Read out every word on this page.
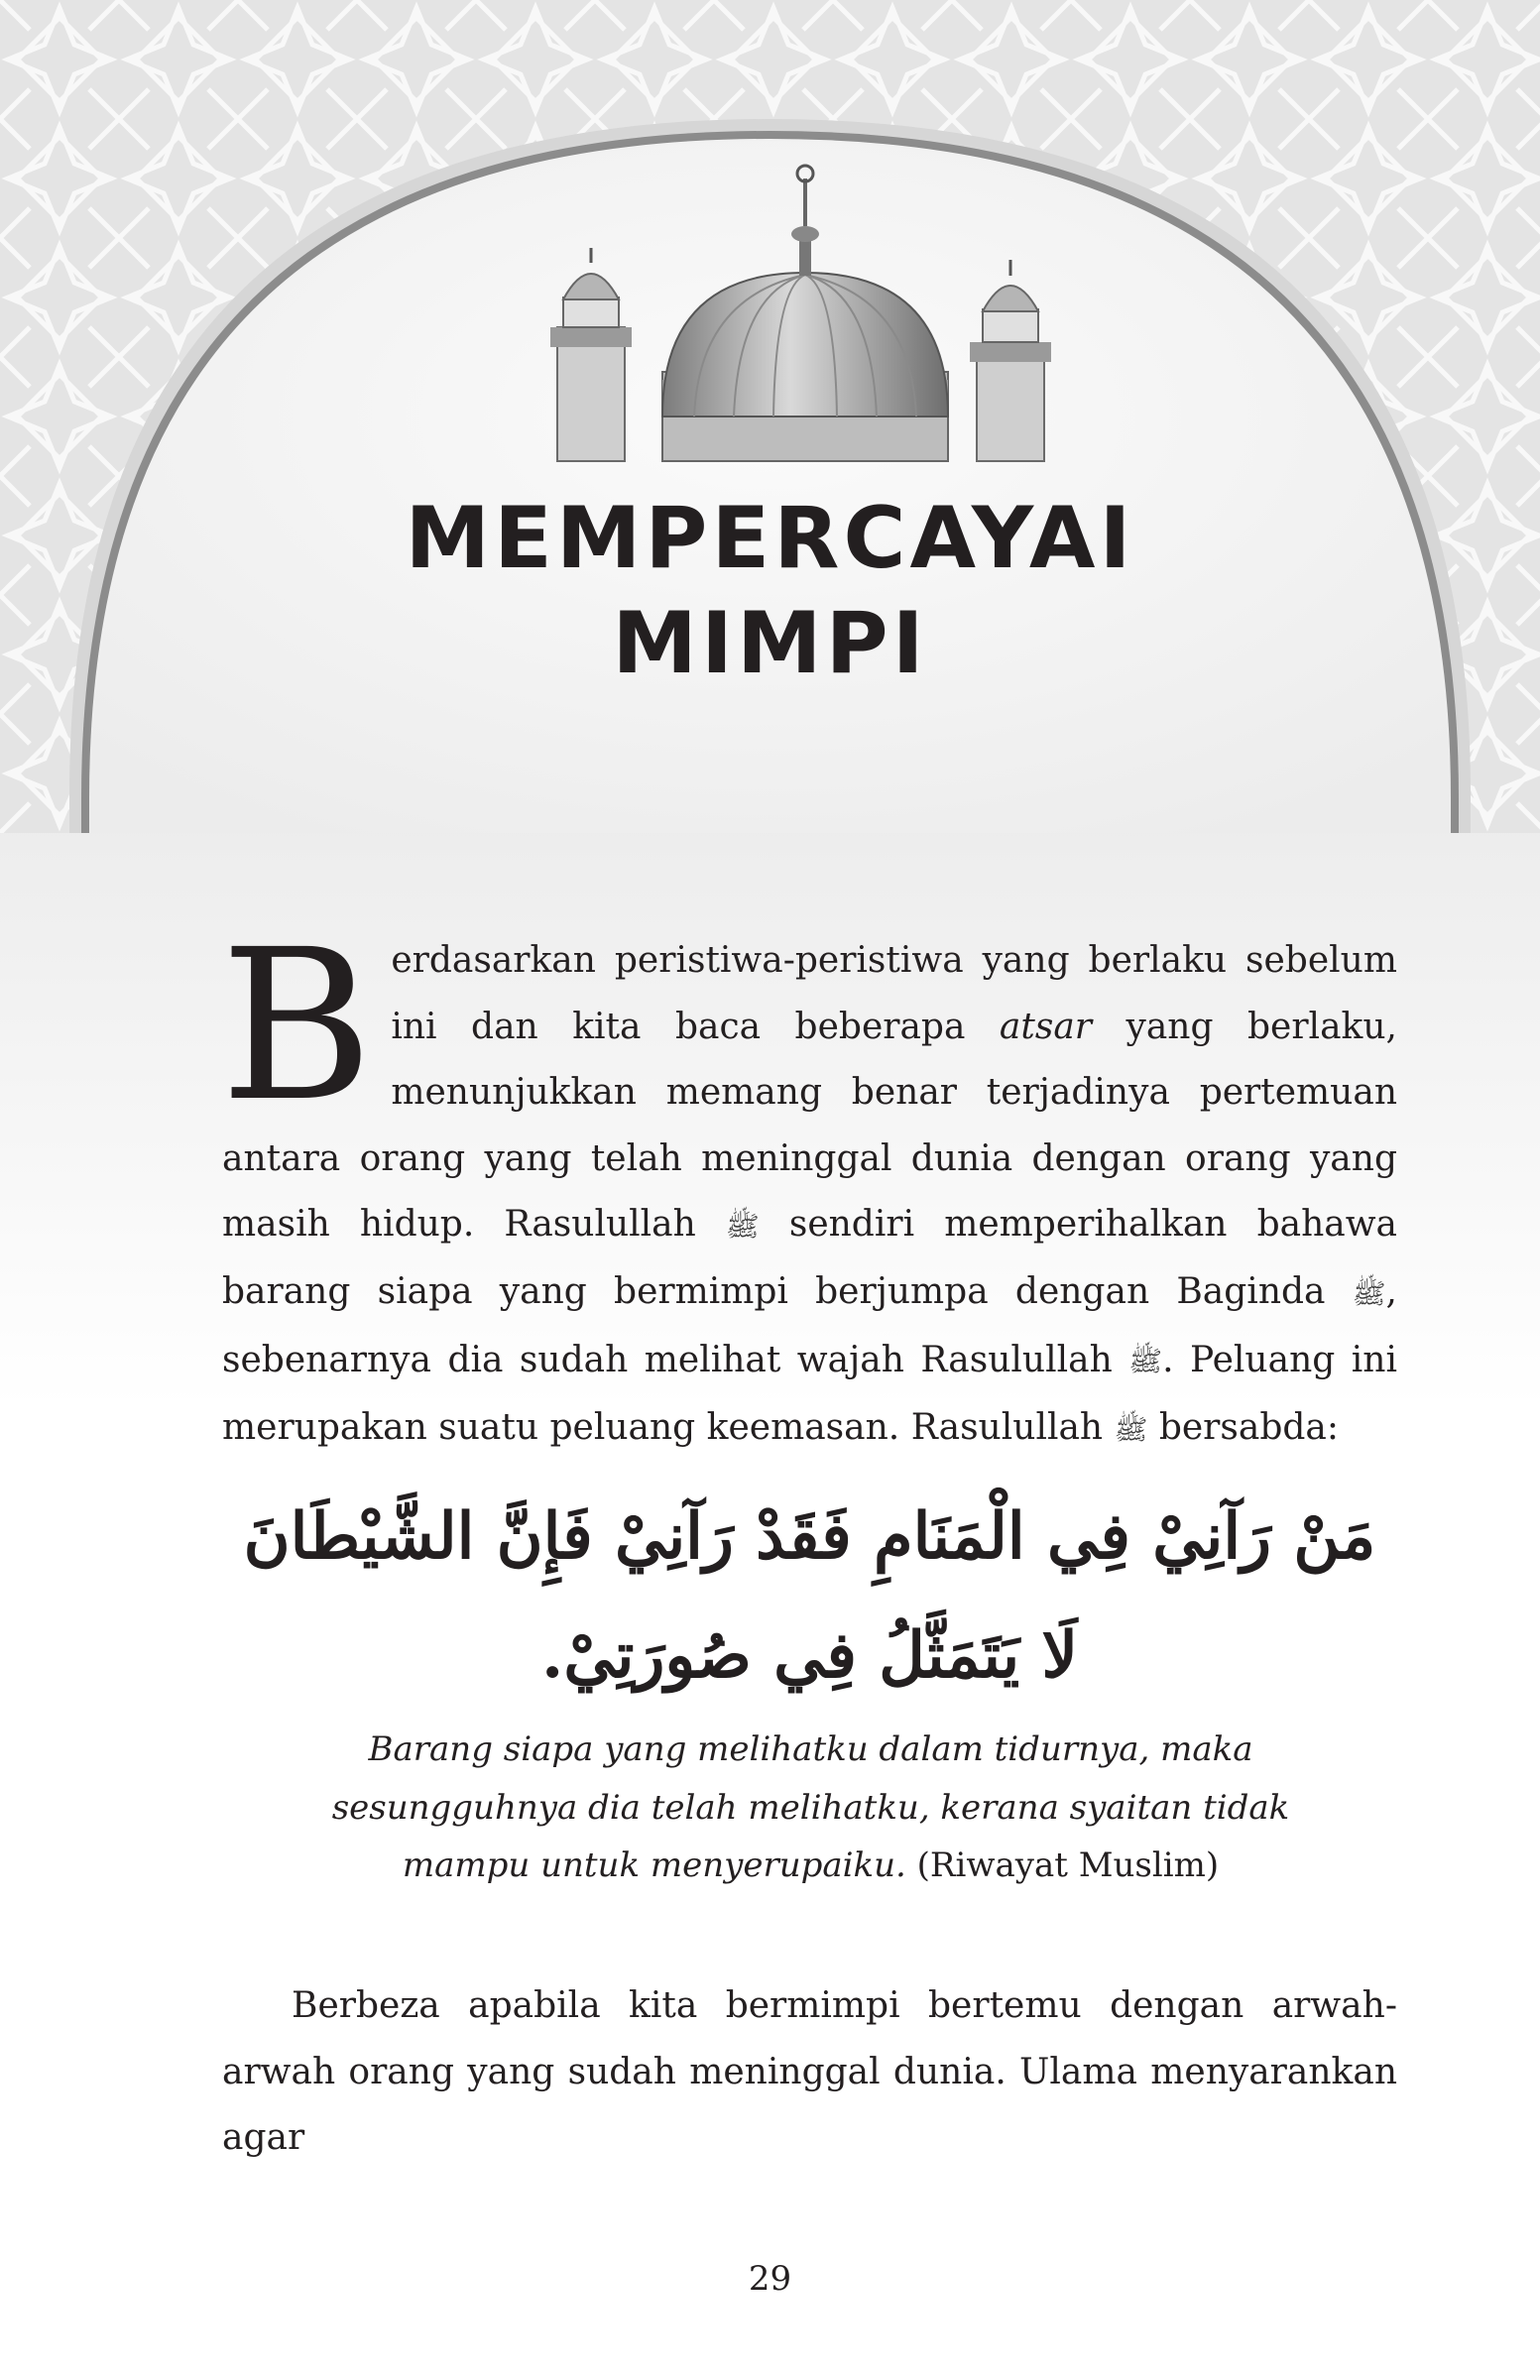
MEMPERCAYAI
MIMPI
Berdasarkan peristiwa-peristiwa yang berlaku sebelum ini dan kita baca beberapa atsar yang berlaku, menunjukkan memang benar terjadinya pertemuan antara orang yang telah meninggal dunia dengan orang yang masih hidup. Rasulullah ﷺ sendiri memperihalkan bahawa barang siapa yang bermimpi berjumpa dengan Baginda ﷺ, sebenarnya dia sudah melihat wajah Rasulullah ﷺ. Peluang ini merupakan suatu peluang keemasan. Rasulullah ﷺ bersabda:
مَنْ رَآنِيْ فِي الْمَنَامِ فَقَدْ رَآنِيْ فَإِنَّ الشَّيْطَانَ
لَا يَتَمَثَّلُ فِي صُورَتِيْ.
Barang siapa yang melihatku dalam tidurnya, maka sesungguhnya dia telah melihatku, kerana syaitan tidak mampu untuk menyerupaiku. (Riwayat Muslim)
Berbeza apabila kita bermimpi bertemu dengan arwah-arwah orang yang sudah meninggal dunia. Ulama menyarankan agar
29
